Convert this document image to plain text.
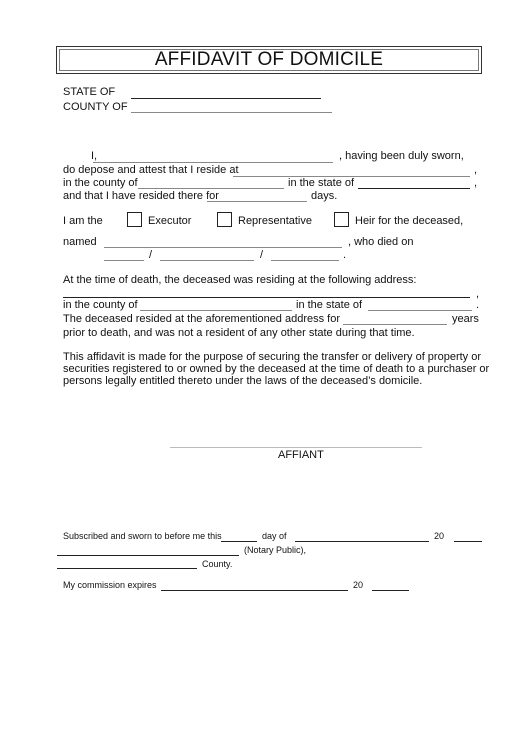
AFFIDAVIT OF DOMICILE
STATE OF
COUNTY OF
I,	, having been duly sworn,
do depose and attest that I reside at	,
in the county of	in the state of	,
and that I have resided there for	days.
I am the	Executor	Representative	Heir for the deceased,
named	, who died on
/	/	.
At the time of death, the deceased was residing at the following address:
,
in the county of	in the state of	.
The deceased resided at the aforementioned address for	years
prior to death, and was not a resident of any other state during that time.
This affidavit is made for the purpose of securing the transfer or delivery of property or
securities registered to or owned by the deceased at the time of death to a purchaser or
persons legally entitled thereto under the laws of the deceased’s domicile.
AFFIANT
Subscribed and sworn to before me this	day of	20
(Notary Public),
County.
My commission expires	20
